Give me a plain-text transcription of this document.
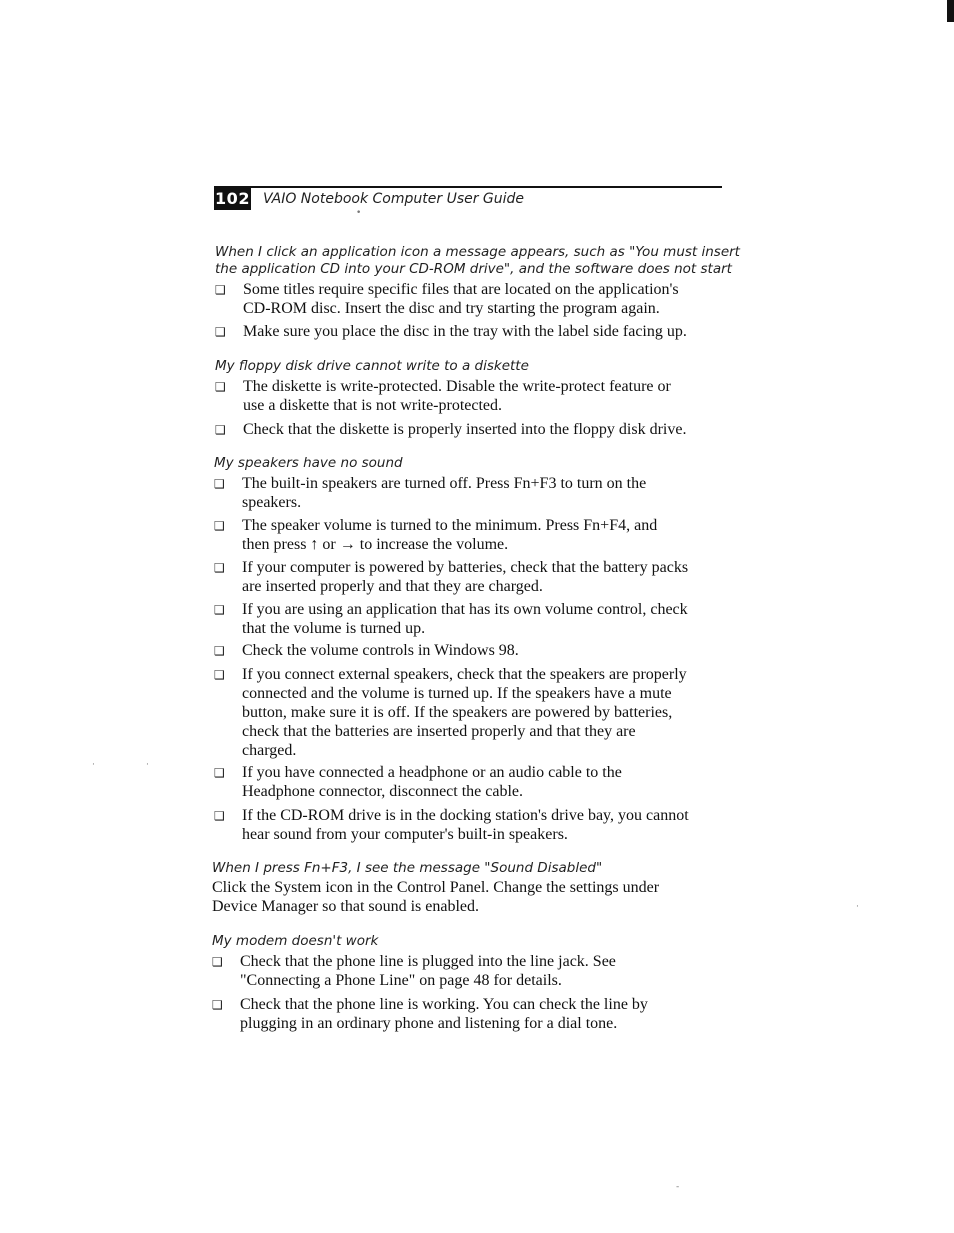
102 VAIO Notebook Computer User Guide
•
·	·
·
-
When I click an application icon a message appears, such as "You must insert
the application CD into your CD-ROM drive", and the software does not start
❑ Some titles require specific files that are located on the application's
CD-ROM disc. Insert the disc and try starting the program again.
❑ Make sure you place the disc in the tray with the label side facing up.
My floppy disk drive cannot write to a diskette
❑ The diskette is write-protected. Disable the write-protect feature or
use a diskette that is not write-protected.
❑ Check that the diskette is properly inserted into the floppy disk drive.
My speakers have no sound
❑ The built-in speakers are turned off. Press Fn+F3 to turn on the
speakers.
❑ The speaker volume is turned to the minimum. Press Fn+F4, and
then press ↑ or → to increase the volume.
❑ If your computer is powered by batteries, check that the battery packs
are inserted properly and that they are charged.
❑ If you are using an application that has its own volume control, check
that the volume is turned up.
❑ Check the volume controls in Windows 98.
❑ If you connect external speakers, check that the speakers are properly
connected and the volume is turned up. If the speakers have a mute
button, make sure it is off. If the speakers are powered by batteries,
check that the batteries are inserted properly and that they are
charged.
❑ If you have connected a headphone or an audio cable to the
Headphone connector, disconnect the cable.
❑ If the CD-ROM drive is in the docking station's drive bay, you cannot
hear sound from your computer's built-in speakers.
When I press Fn+F3, I see the message "Sound Disabled"
Click the System icon in the Control Panel. Change the settings under
Device Manager so that sound is enabled.
My modem doesn't work
❑ Check that the phone line is plugged into the line jack. See
"Connecting a Phone Line" on page 48 for details.
❑ Check that the phone line is working. You can check the line by
plugging in an ordinary phone and listening for a dial tone.
